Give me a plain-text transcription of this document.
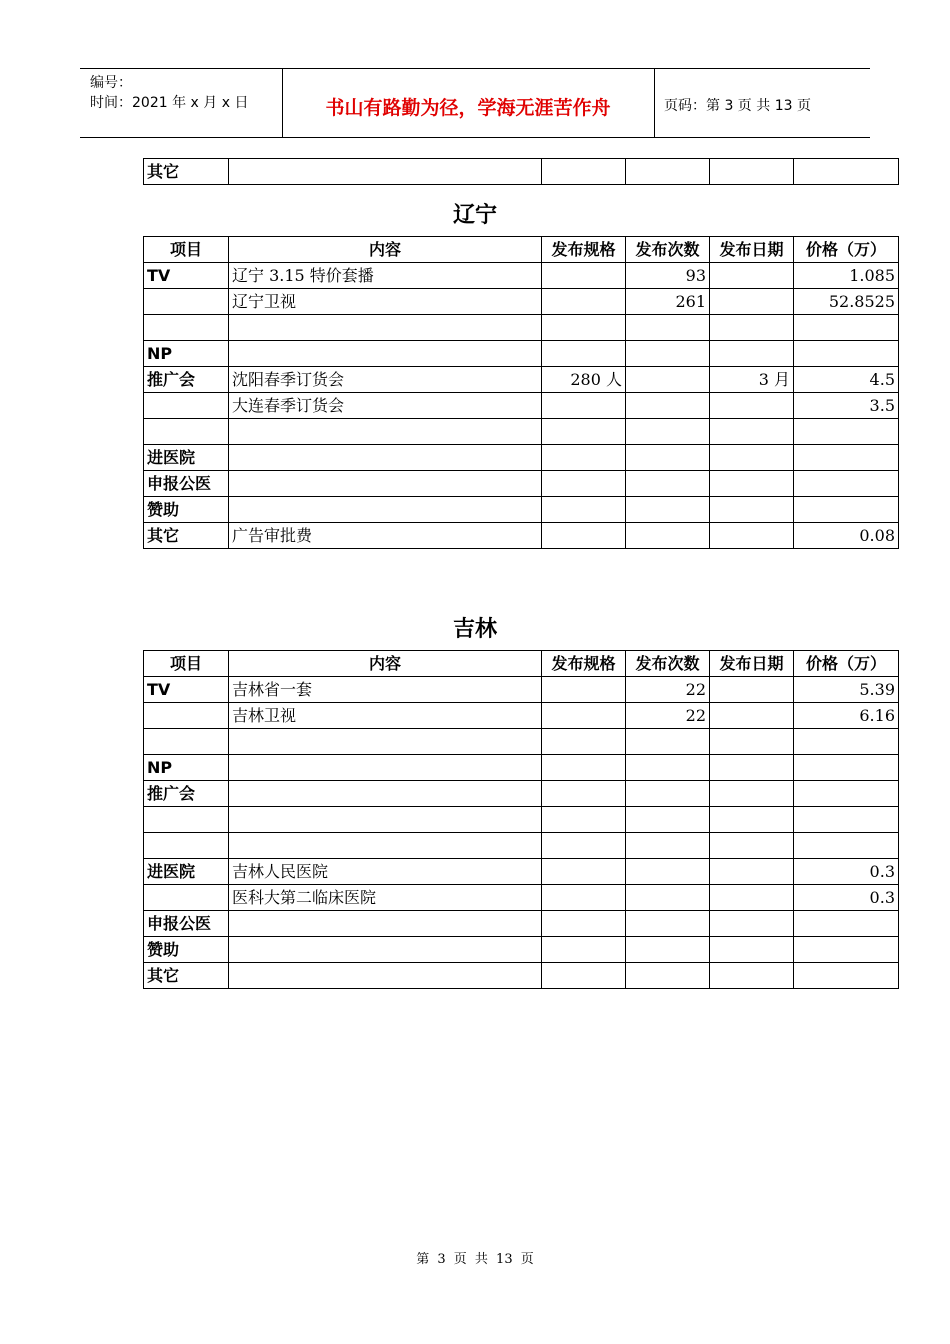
编号：
时间：2021 年 x 月 x 日	书山有路勤为径，学海无涯苦作舟	页码：第 3 页 共 13 页
其它					
辽宁
项目	内容	发布规格	发布次数	发布日期	价格（万）
TV	辽宁 3.15 特价套播		93		1.085
	辽宁卫视		261		52.8525

NP					
推广会	沈阳春季订货会	280 人		3 月	4.5
	大连春季订货会				3.5

进医院					
申报公医					
赞助					
其它	广告审批费				0.08
吉林
项目	内容	发布规格	发布次数	发布日期	价格（万）
TV	吉林省一套		22		5.39
	吉林卫视		22		6.16

NP					
推广会					

进医院	吉林人民医院				0.3
	医科大第二临床医院				0.3
申报公医					
赞助					
其它					
第 3 页 共 13 页
